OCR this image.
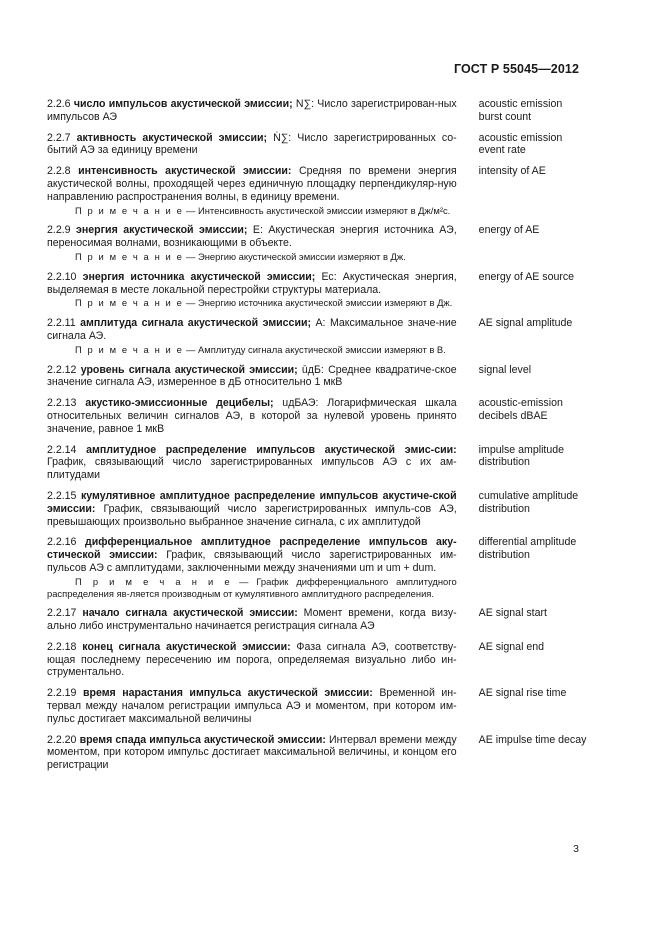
ГОСТ Р 55045—2012
2.2.6 число импульсов акустической эмиссии; N∑: Число зарегистрирован-ных импульсов АЭ
acoustic emission burst count
2.2.7 активность акустической эмиссии; Ṅ∑: Число зарегистрированных со-бытий АЭ за единицу времени
acoustic emission event rate
2.2.8 интенсивность акустической эмиссии: Средняя по времени энергия акустической волны, проходящей через единичную площадку перпендикуляр-ную направлению распространения волны, в единицу времени.
П р и м е ч а н и е — Интенсивность акустической эмиссии измеряют в Дж/м²с.
intensity of AE
2.2.9 энергия акустической эмиссии; Е: Акустическая энергия источника АЭ, переносимая волнами, возникающими в объекте.
П р и м е ч а н и е — Энергию акустической эмиссии измеряют в Дж.
energy of AE
2.2.10 энергия источника акустической эмиссии; Ес: Акустическая энергия, выделяемая в месте локальной перестройки структуры материала.
П р и м е ч а н и е — Энергию источника акустической эмиссии измеряют в Дж.
energy of AE source
2.2.11 амплитуда сигнала акустической эмиссии; A: Максимальное значе-ние сигнала АЭ.
П р и м е ч а н и е — Амплитуду сигнала акустической эмиссии измеряют в В.
AE signal amplitude
2.2.12 уровень сигнала акустической эмиссии; ūдБ: Среднее квадратиче-ское значение сигнала АЭ, измеренное в дБ относительно 1 мкВ
signal level
2.2.13 акустико-эмиссионные децибелы; uдБАЭ: Логарифмическая шкала относительных величин сигналов АЭ, в которой за нулевой уровень принято значение, равное 1 мкВ
acoustic-emission decibels dBAE
2.2.14 амплитудное распределение импульсов акустической эмис-сии: График, связывающий число зарегистрированных импульсов АЭ с их ам-плитудами
impulse amplitude distribution
2.2.15 кумулятивное амплитудное распределение импульсов акустиче-ской эмиссии: График, связывающий число зарегистрированных импуль-сов АЭ, превышающих произвольно выбранное значение сигнала, с их амплитудой
cumulative amplitude distribution
2.2.16 дифференциальное амплитудное распределение импульсов аку-стической эмиссии: График, связывающий число зарегистрированных им-пульсов АЭ с амплитудами, заключенными между значениями um и um + dum.
П р и м е ч а н и е — График дифференциального амплитудного распределения яв-ляется производным от кумулятивного амплитудного распределения.
differential amplitude distribution
2.2.17 начало сигнала акустической эмиссии: Момент времени, когда визу-ально либо инструментально начинается регистрация сигнала АЭ
AE signal start
2.2.18 конец сигнала акустической эмиссии: Фаза сигнала АЭ, соответству-ющая последнему пересечению им порога, определяемая визуально либо ин-струментально.
AE signal end
2.2.19 время нарастания импульса акустической эмиссии: Временной ин-тервал между началом регистрации импульса АЭ и моментом, при котором им-пульс достигает максимальной величины
AE signal rise time
2.2.20 время спада импульса акустической эмиссии: Интервал времени между моментом, при котором импульс достигает максимальной величины, и концом его регистрации
AE impulse time decay
3
